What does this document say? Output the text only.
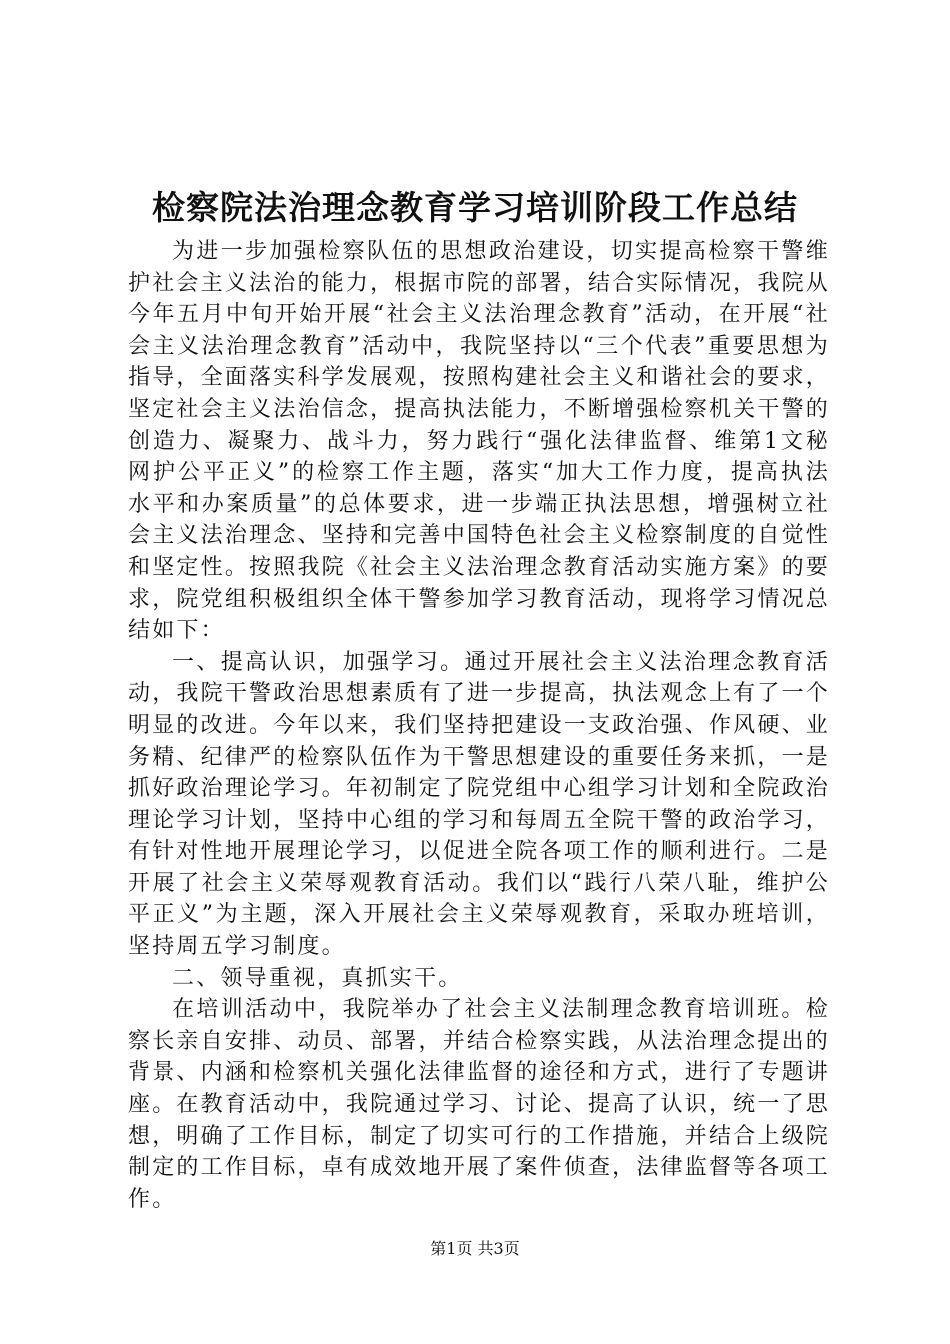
检察院法治理念教育学习培训阶段工作总结

为进一步加强检察队伍的思想政治建设，切实提高检察干警维护社会主义法治的能力，根据市院的部署，结合实际情况，我院从今年五月中旬开始开展“社会主义法治理念教育”活动，在开展“社会主义法治理念教育”活动中，我院坚持以“三个代表”重要思想为指导，全面落实科学发展观，按照构建社会主义和谐社会的要求，坚定社会主义法治信念，提高执法能力，不断增强检察机关干警的创造力、凝聚力、战斗力，努力践行“强化法律监督、维第1文秘网护公平正义”的检察工作主题，落实“加大工作力度，提高执法水平和办案质量”的总体要求，进一步端正执法思想，增强树立社会主义法治理念、坚持和完善中国特色社会主义检察制度的自觉性和坚定性。按照我院《社会主义法治理念教育活动实施方案》的要求，院党组积极组织全体干警参加学习教育活动，现将学习情况总结如下：

一、提高认识，加强学习。通过开展社会主义法治理念教育活动，我院干警政治思想素质有了进一步提高，执法观念上有了一个明显的改进。今年以来，我们坚持把建设一支政治强、作风硬、业务精、纪律严的检察队伍作为干警思想建设的重要任务来抓，一是抓好政治理论学习。年初制定了院党组中心组学习计划和全院政治理论学习计划，坚持中心组的学习和每周五全院干警的政治学习，有针对性地开展理论学习，以促进全院各项工作的顺利进行。二是开展了社会主义荣辱观教育活动。我们以“践行八荣八耻，维护公平正义”为主题，深入开展社会主义荣辱观教育，采取办班培训，坚持周五学习制度。

二、领导重视，真抓实干。

在培训活动中，我院举办了社会主义法制理念教育培训班。检察长亲自安排、动员、部署，并结合检察实践，从法治理念提出的背景、内涵和检察机关强化法律监督的途径和方式，进行了专题讲座。在教育活动中，我院通过学习、讨论、提高了认识，统一了思想，明确了工作目标，制定了切实可行的工作措施，并结合上级院制定的工作目标，卓有成效地开展了案件侦查，法律监督等各项工作。

第1页 共3页
